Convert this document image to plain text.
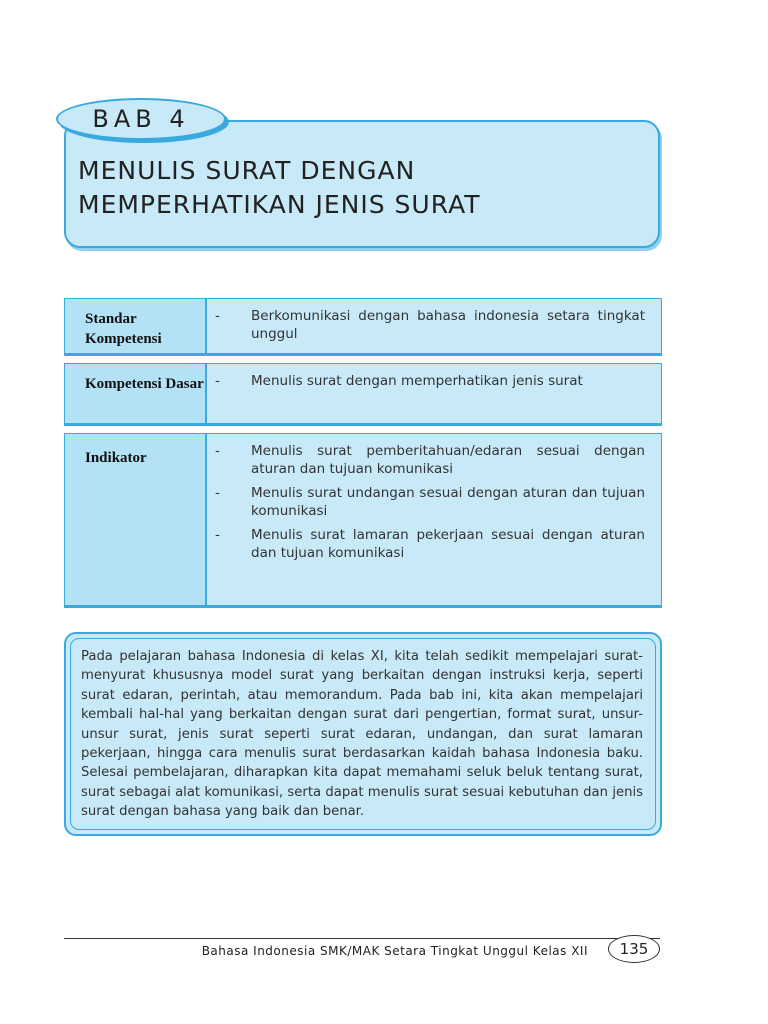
BAB 4
MENULIS SURAT DENGAN MEMPERHATIKAN JENIS SURAT
Standar Kompetensi
-	Berkomunikasi dengan bahasa indonesia setara tingkat unggul
Kompetensi Dasar -	Menulis surat dengan memperhatikan jenis surat
Indikator	-	Menulis surat pemberitahuan/edaran sesuai dengan aturan dan tujuan komunikasi
-	Menulis surat undangan sesuai dengan aturan dan tujuan komunikasi
-	Menulis surat lamaran pekerjaan sesuai dengan aturan dan tujuan komunikasi

Pada pelajaran bahasa Indonesia di kelas XI, kita telah sedikit mempelajari surat-menyurat khususnya model surat yang berkaitan dengan instruksi kerja, seperti surat edaran, perintah, atau memorandum. Pada bab ini, kita akan mempelajari kembali hal-hal yang berkaitan dengan surat dari pengertian, format surat, unsur-unsur surat, jenis surat seperti surat edaran, undangan, dan surat lamaran pekerjaan, hingga cara menulis surat berdasarkan kaidah bahasa Indonesia baku. Selesai pembelajaran, diharapkan kita dapat memahami seluk beluk tentang surat, surat sebagai alat komunikasi, serta dapat menulis surat sesuai kebutuhan dan jenis surat dengan bahasa yang baik dan benar.

Bahasa Indonesia SMK/MAK Setara Tingkat Unggul Kelas XII	135
